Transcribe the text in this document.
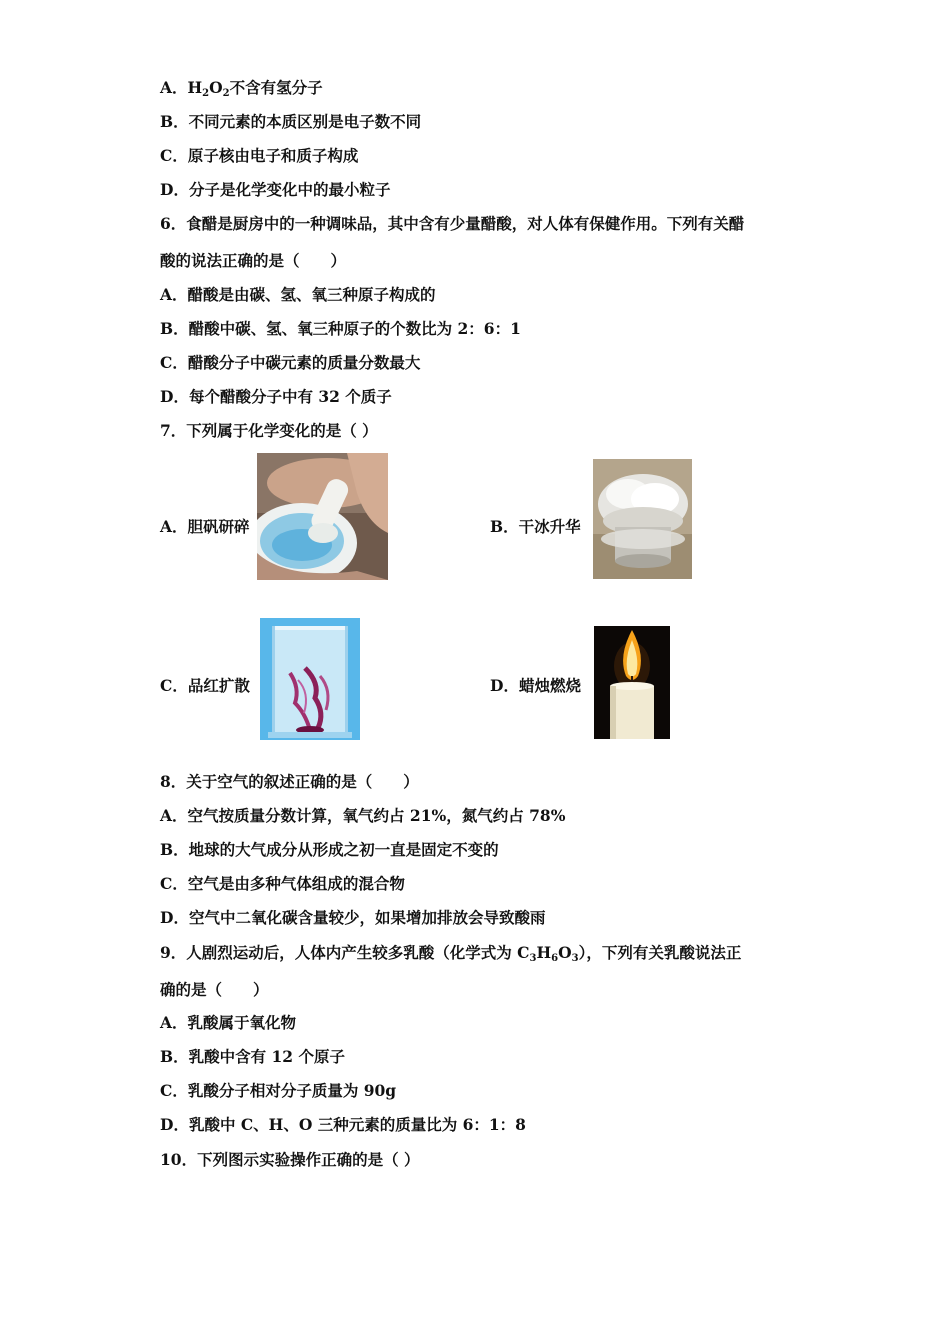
A．$H_2O_2$不含有氢分子
B．不同元素的本质区别是电子数不同
C．原子核由电子和质子构成
D．分子是化学变化中的最小粒子
6．食醋是厨房中的一种调味品，其中含有少量醋酸，对人体有保健作用。下列有关醋
酸的说法正确的是（　　）
A．醋酸是由碳、氢、氧三种原子构成的
B．醋酸中碳、氢、氧三种原子的个数比为 2：6：1
C．醋酸分子中碳元素的质量分数最大
D．每个醋酸分子中有 32 个质子
7．下列属于化学变化的是（ ）
A．胆矾研碎	B．干冰升华
C．品红扩散	D．蜡烛燃烧
8．关于空气的叙述正确的是（　　）
A．空气按质量分数计算，氧气约占 21%，氮气约占 78%
B．地球的大气成分从形成之初一直是固定不变的
C．空气是由多种气体组成的混合物
D．空气中二氧化碳含量较少，如果增加排放会导致酸雨
9．人剧烈运动后，人体内产生较多乳酸（化学式为 $C_3H_6O_3$），下列有关乳酸说法正
确的是（　　）
A．乳酸属于氧化物
B．乳酸中含有 12 个原子
C．乳酸分子相对分子质量为 90g
D．乳酸中 C、H、O 三种元素的质量比为 6：1：8
10．下列图示实验操作正确的是（ ）
